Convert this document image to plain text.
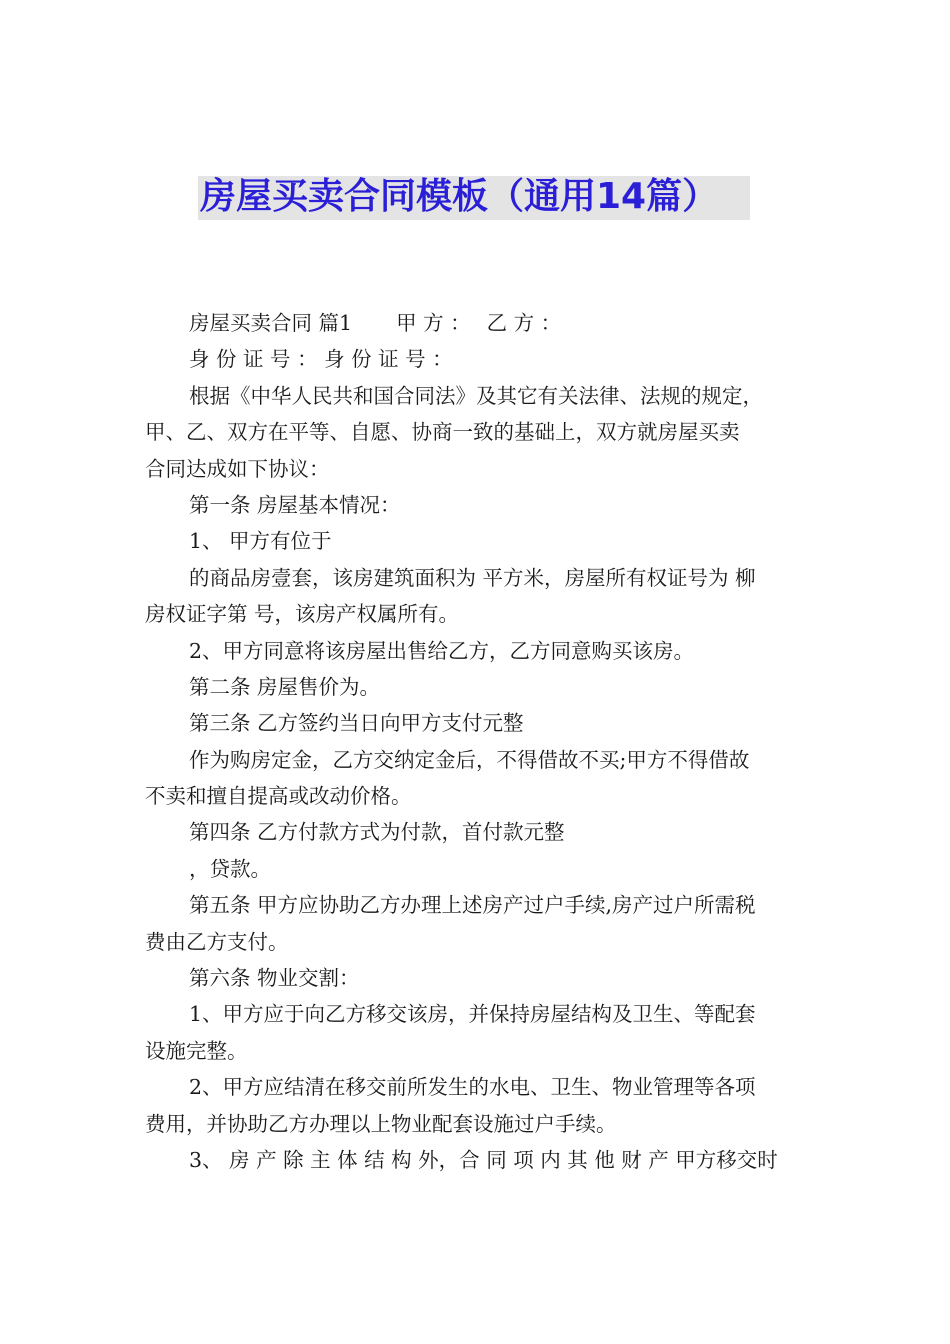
房屋买卖合同模板（通用14篇）
房屋买卖合同 篇1 甲 方 ： 乙 方 ：
身 份 证 号 ： 身 份 证 号 ：
根据《中华人民共和国合同法》及其它有关法律、法规的规定，
甲、乙、双方在平等、自愿、协商一致的基础上，双方就房屋买卖
合同达成如下协议：
第一条 房屋基本情况：
1、 甲方有位于
的商品房壹套，该房建筑面积为 平方米，房屋所有权证号为 柳
房权证字第 号，该房产权属所有。
2、甲方同意将该房屋出售给乙方，乙方同意购买该房。
第二条 房屋售价为。
第三条 乙方签约当日向甲方支付元整
作为购房定金，乙方交纳定金后，不得借故不买;甲方不得借故
不卖和擅自提高或改动价格。
第四条 乙方付款方式为付款，首付款元整
，贷款。
第五条 甲方应协助乙方办理上述房产过户手续,房产过户所需税
费由乙方支付。
第六条 物业交割：
1、甲方应于向乙方移交该房，并保持房屋结构及卫生、等配套
设施完整。
2、甲方应结清在移交前所发生的水电、卫生、物业管理等各项
费用，并协助乙方办理以上物业配套设施过户手续。
3、 房 产 除 主 体 结 构 外，合 同 项 内 其 他 财 产 甲方移交时
